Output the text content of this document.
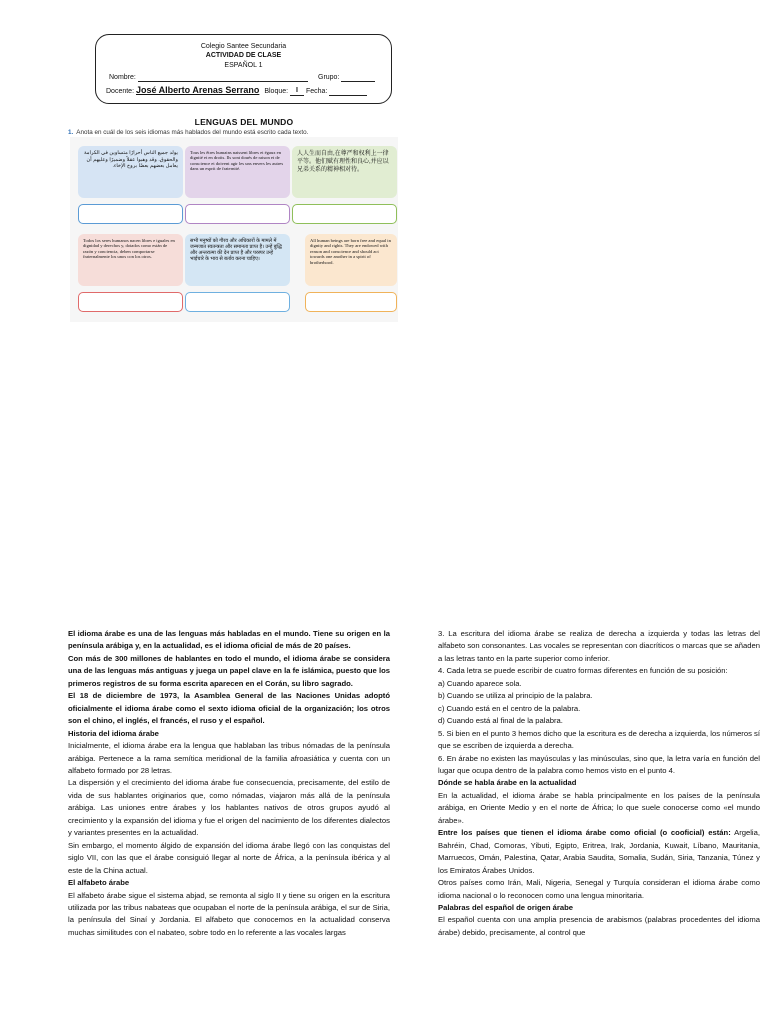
Colegio Santee Secundaria
ACTIVIDAD DE CLASE
ESPAÑOL 1
Nombre:	Grupo:
Docente: José Alberto Arenas Serrano Bloque: I Fecha:
LENGUAS DEL MUNDO
1. Anota en cuál de los seis idiomas más hablados del mundo está escrito cada texto.
يولد جميع الناس أحرارًا متساوين في الكرامة والحقوق. وقد وهبوا عقلاً وضميرًا وعليهم أن يعامل بعضهم بعضًا بروح الإخاء.
Tous les êtres humains naissent libres et égaux en dignité et en droits. Ils sont doués de raison et de conscience et doivent agir les uns envers les autres dans un esprit de fraternité.
人人生而自由,在尊严和权利上一律平等。他们赋有理性和良心,并应以兄弟关系的精神相对待。
Todos los seres humanos nacen libres e iguales en dignidad y derechos y, dotados como están de razón y conciencia, deben comportarse fraternalmente los unos con los otros.
सभी मनुष्यों को गौरव और अधिकारों के मामले में जन्मजात स्वतन्त्रता और समानता प्राप्त है। उन्हें बुद्धि और अन्तरात्मा की देन प्राप्त है और परस्पर उन्हें भाईचारे के भाव से बर्ताव करना चाहिए।
All human beings are born free and equal in dignity and rights. They are endowed with reason and conscience and should act towards one another in a spirit of brotherhood.

El idioma árabe es una de las lenguas más habladas en el mundo. Tiene su origen en la península arábiga y, en la actualidad, es el idioma oficial de más de 20 países.

Con más de 300 millones de hablantes en todo el mundo, el idioma árabe se considera una de las lenguas más antiguas y juega un papel clave en la fe islámica, puesto que los primeros registros de su forma escrita aparecen en el Corán, su libro sagrado.

El 18 de diciembre de 1973, la Asamblea General de las Naciones Unidas adoptó oficialmente el idioma árabe como el sexto idioma oficial de la organización; los otros son el chino, el inglés, el francés, el ruso y el español.

Historia del idioma árabe

Inicialmente, el idioma árabe era la lengua que hablaban las tribus nómadas de la península arábiga. Pertenece a la rama semítica meridional de la familia afroasiática y cuenta con un alfabeto formado por 28 letras.

La dispersión y el crecimiento del idioma árabe fue consecuencia, precisamente, del estilo de vida de sus hablantes originarios que, como nómadas, viajaron más allá de la península arábiga. Las uniones entre árabes y los hablantes nativos de otros grupos ayudó al crecimiento y la expansión del idioma y fue el origen del nacimiento de los diferentes dialectos y variantes presentes en la actualidad.

Sin embargo, el momento álgido de expansión del idioma árabe llegó con las conquistas del siglo VII, con las que el árabe consiguió llegar al norte de África, a la península ibérica y al este de la China actual.

El alfabeto árabe

El alfabeto árabe sigue el sistema abjad, se remonta al siglo II y tiene su origen en la escritura utilizada por las tribus nabateas que ocupaban el norte de la península arábiga, el sur de Siria, la península del Sinaí y Jordania. El alfabeto que conocemos en la actualidad conserva muchas similitudes con el nabateo, sobre todo en lo referente a las vocales largas

3. La escritura del idioma árabe se realiza de derecha a izquierda y todas las letras del alfabeto son consonantes. Las vocales se representan con diacríticos o marcas que se añaden a las letras tanto en la parte superior como inferior.

4. Cada letra se puede escribir de cuatro formas diferentes en función de su posición:

a) Cuando aparece sola.

b) Cuando se utiliza al principio de la palabra.

c) Cuando está en el centro de la palabra.

d) Cuando está al final de la palabra.

5. Si bien en el punto 3 hemos dicho que la escritura es de derecha a izquierda, los números sí que se escriben de izquierda a derecha.

6. En árabe no existen las mayúsculas y las minúsculas, sino que, la letra varía en función del lugar que ocupa dentro de la palabra como hemos visto en el punto 4.

Dónde se habla árabe en la actualidad

En la actualidad, el idioma árabe se habla principalmente en los países de la península arábiga, en Oriente Medio y en el norte de África; lo que suele conocerse como «el mundo árabe».

Entre los países que tienen el idioma árabe como oficial (o cooficial) están: Argelia, Bahréin, Chad, Comoras, Yibuti, Egipto, Eritrea, Irak, Jordania, Kuwait, Líbano, Mauritania, Marruecos, Omán, Palestina, Qatar, Arabia Saudita, Somalia, Sudán, Siria, Tanzania, Túnez y los Emiratos Árabes Unidos.

Otros países como Irán, Mali, Nigeria, Senegal y Turquía consideran el idioma árabe como idioma nacional o lo reconocen como una lengua minoritaria.

Palabras del español de origen árabe

El español cuenta con una amplia presencia de arabismos (palabras procedentes del idioma árabe) debido, precisamente, al control que
